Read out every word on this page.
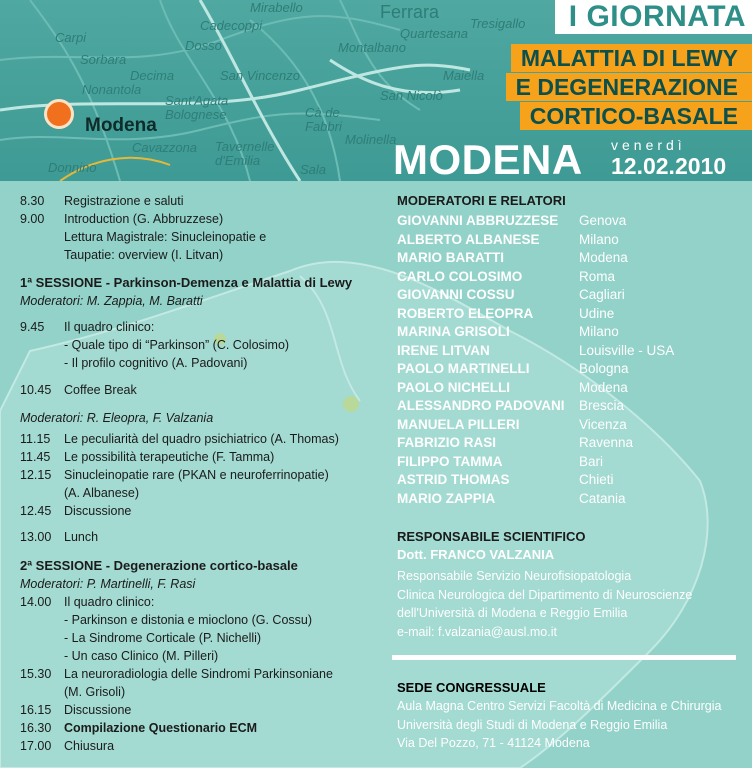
Mirabello	Ferrara
Carpi
Cadecoppi
Quartesana
Tresigallo
Sorbara
Dosso	Montalbano
Nonantola
Decima	San Vincenzo	Maiella
Sant'Agata Bolognese
San Nicolò
Cà de Fabbri
Molinella
Cavazzona Tavernelle d'Emilia
Donnino	Sala
Modena
I GIORNATA
MALATTIA DI LEWY
E DEGENERAZIONE
CORTICO-BASALE
MODENA venerdì
12.02.2010
8.30 Registrazione e saluti
9.00 Introduction (G. Abbruzzese)
Lettura Magistrale: Sinucleinopatie e
Taupatie: overview (I. Litvan)
1ª SESSIONE - Parkinson-Demenza e Malattia di Lewy
Moderatori: M. Zappia, M. Baratti
9.45 Il quadro clinico:
- Quale tipo di “Parkinson” (C. Colosimo)
- Il profilo cognitivo (A. Padovani)
10.45 Coffee Break
Moderatori: R. Eleopra, F. Valzania
11.15 Le peculiarità del quadro psichiatrico (A. Thomas)
11.45 Le possibilità terapeutiche (F. Tamma)
12.15 Sinucleinopatie rare (PKAN e neuroferrinopatie)
(A. Albanese)
12.45 Discussione
13.00 Lunch
2ª SESSIONE - Degenerazione cortico-basale
Moderatori: P. Martinelli, F. Rasi
14.00 Il quadro clinico:
- Parkinson e distonia e mioclono (G. Cossu)
- La Sindrome Corticale (P. Nichelli)
- Un caso Clinico (M. Pilleri)
15.30 La neuroradiologia delle Sindromi Parkinsoniane
(M. Grisoli)
16.15 Discussione
16.30 Compilazione Questionario ECM
17.00 Chiusura
MODERATORI E RELATORI
GIOVANNI ABBRUZZESE Genova
ALBERTO ALBANESE	Milano
MARIO BARATTI	Modena
CARLO COLOSIMO	Roma
GIOVANNI COSSU	Cagliari
ROBERTO ELEOPRA	Udine
MARINA GRISOLI	Milano
IRENE LITVAN	Louisville - USA
PAOLO MARTINELLI	Bologna
PAOLO NICHELLI	Modena
ALESSANDRO PADOVANI Brescia
MANUELA PILLERI	Vicenza
FABRIZIO RASI	Ravenna
FILIPPO TAMMA	Bari
ASTRID THOMAS	Chieti
MARIO ZAPPIA	Catania
RESPONSABILE SCIENTIFICO
Dott. FRANCO VALZANIA
Responsabile Servizio Neurofisiopatologia
Clinica Neurologica del Dipartimento di Neuroscienze
dell'Università di Modena e Reggio Emilia
e-mail: f.valzania@ausl.mo.it
SEDE CONGRESSUALE
Aula Magna Centro Servizi Facoltà di Medicina e Chirurgia
Università degli Studi di Modena e Reggio Emilia
Via Del Pozzo, 71 - 41124 Modena
